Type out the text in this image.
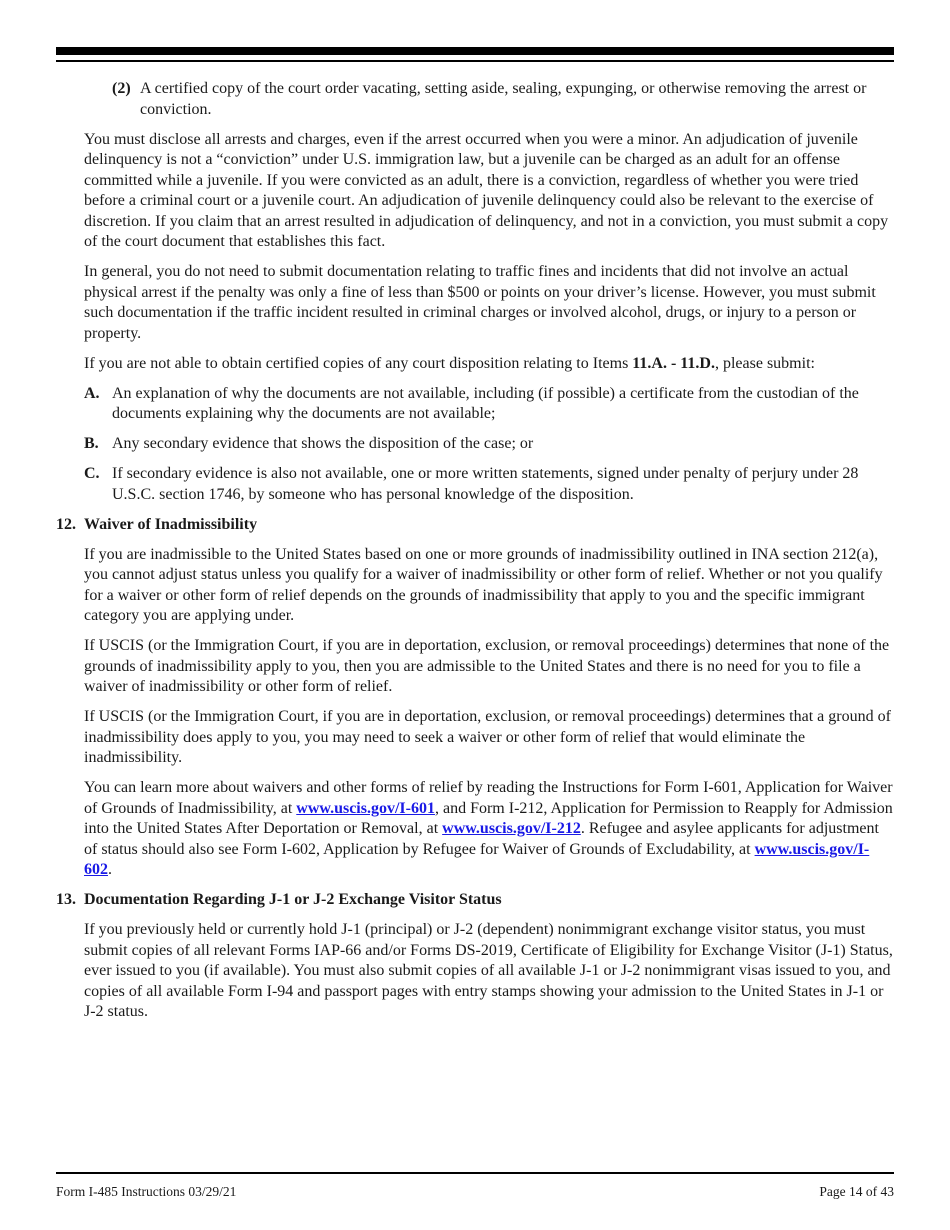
(2) A certified copy of the court order vacating, setting aside, sealing, expunging, or otherwise removing the arrest or conviction.

You must disclose all arrests and charges, even if the arrest occurred when you were a minor. An adjudication of juvenile delinquency is not a “conviction” under U.S. immigration law, but a juvenile can be charged as an adult for an offense committed while a juvenile. If you were convicted as an adult, there is a conviction, regardless of whether you were tried before a criminal court or a juvenile court. An adjudication of juvenile delinquency could also be relevant to the exercise of discretion. If you claim that an arrest resulted in adjudication of delinquency, and not in a conviction, you must submit a copy of the court document that establishes this fact.

In general, you do not need to submit documentation relating to traffic fines and incidents that did not involve an actual physical arrest if the penalty was only a fine of less than $500 or points on your driver’s license. However, you must submit such documentation if the traffic incident resulted in criminal charges or involved alcohol, drugs, or injury to a person or property.

If you are not able to obtain certified copies of any court disposition relating to Items 11.A. - 11.D., please submit:

A. An explanation of why the documents are not available, including (if possible) a certificate from the custodian of the documents explaining why the documents are not available;
B. Any secondary evidence that shows the disposition of the case; or
C. If secondary evidence is also not available, one or more written statements, signed under penalty of perjury under 28 U.S.C. section 1746, by someone who has personal knowledge of the disposition.
12. Waiver of Inadmissibility

If you are inadmissible to the United States based on one or more grounds of inadmissibility outlined in INA section 212(a), you cannot adjust status unless you qualify for a waiver of inadmissibility or other form of relief. Whether or not you qualify for a waiver or other form of relief depends on the grounds of inadmissibility that apply to you and the specific immigrant category you are applying under.

If USCIS (or the Immigration Court, if you are in deportation, exclusion, or removal proceedings) determines that none of the grounds of inadmissibility apply to you, then you are admissible to the United States and there is no need for you to file a waiver of inadmissibility or other form of relief.

If USCIS (or the Immigration Court, if you are in deportation, exclusion, or removal proceedings) determines that a ground of inadmissibility does apply to you, you may need to seek a waiver or other form of relief that would eliminate the inadmissibility.

You can learn more about waivers and other forms of relief by reading the Instructions for Form I-601, Application for Waiver of Grounds of Inadmissibility, at www.uscis.gov/I-601, and Form I-212, Application for Permission to Reapply for Admission into the United States After Deportation or Removal, at www.uscis.gov/I-212. Refugee and asylee applicants for adjustment of status should also see Form I-602, Application by Refugee for Waiver of Grounds of Excludability, at www.uscis.gov/I-602.

13. Documentation Regarding J-1 or J-2 Exchange Visitor Status

If you previously held or currently hold J-1 (principal) or J-2 (dependent) nonimmigrant exchange visitor status, you must submit copies of all relevant Forms IAP-66 and/or Forms DS-2019, Certificate of Eligibility for Exchange Visitor (J-1) Status, ever issued to you (if available). You must also submit copies of all available J-1 or J-2 nonimmigrant visas issued to you, and copies of all available Form I-94 and passport pages with entry stamps showing your admission to the United States in J-1 or J-2 status.

Form I-485 Instructions 03/29/21	Page 14 of 43
